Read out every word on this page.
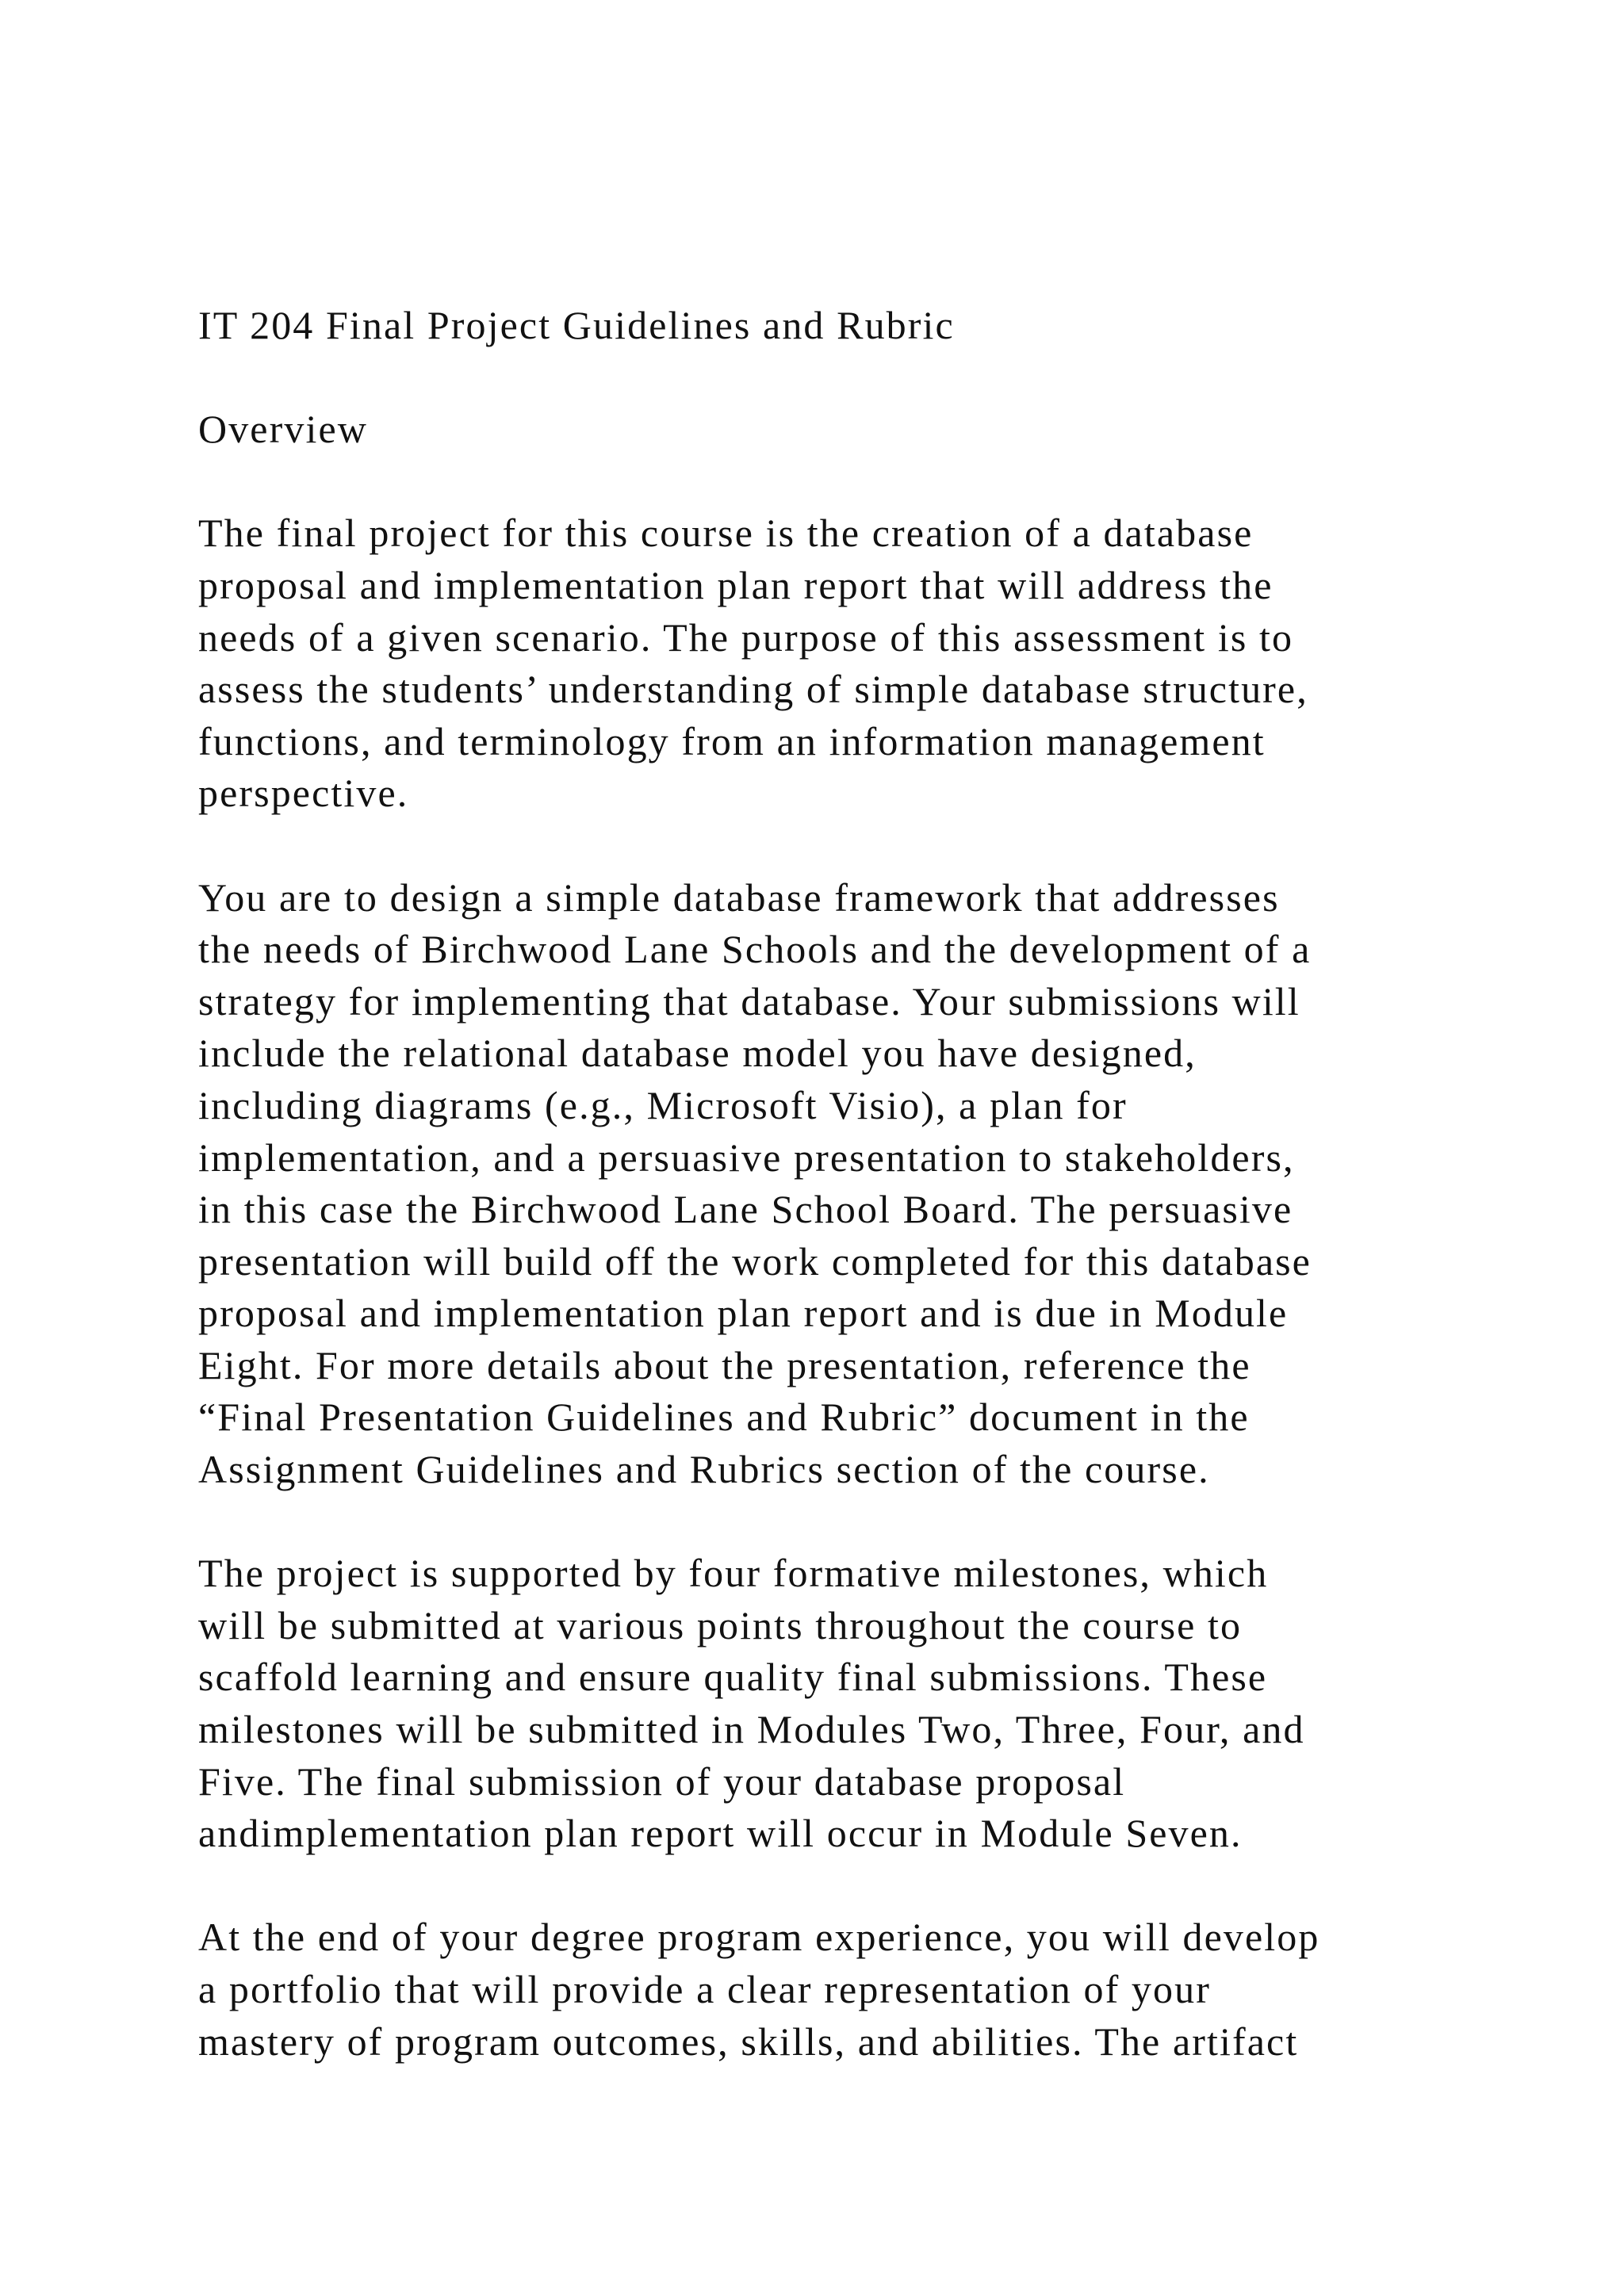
IT 204 Final Project Guidelines and Rubric

Overview

The final project for this course is the creation of a database
proposal and implementation plan report that will address the
needs of a given scenario. The purpose of this assessment is to
assess the students’ understanding of simple database structure,
functions, and terminology from an information management
perspective.

You are to design a simple database framework that addresses
the needs of Birchwood Lane Schools and the development of a
strategy for implementing that database. Your submissions will
include the relational database model you have designed,
including diagrams (e.g., Microsoft Visio), a plan for
implementation, and a persuasive presentation to stakeholders,
in this case the Birchwood Lane School Board. The persuasive
presentation will build off the work completed for this database
proposal and implementation plan report and is due in Module
Eight. For more details about the presentation, reference the
“Final Presentation Guidelines and Rubric” document in the
Assignment Guidelines and Rubrics section of the course.

The project is supported by four formative milestones, which
will be submitted at various points throughout the course to
scaffold learning and ensure quality final submissions. These
milestones will be submitted in Modules Two, Three, Four, and
Five. The final submission of your database proposal
andimplementation plan report will occur in Module Seven.

At the end of your degree program experience, you will develop
a portfolio that will provide a clear representation of your
mastery of program outcomes, skills, and abilities. The artifact
